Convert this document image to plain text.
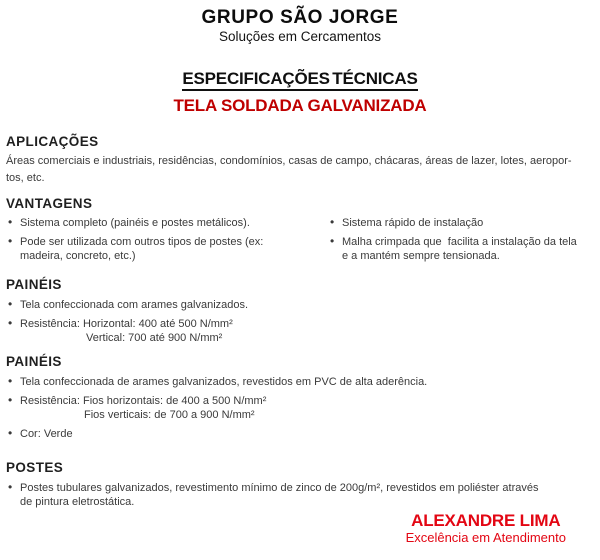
GRUPO SÃO JORGE
Soluções em Cercamentos
ESPECIFICAÇÕES TÉCNICAS
TELA SOLDADA GALVANIZADA
APLICAÇÕES
Áreas comerciais e industriais, residências, condomínios, casas de campo, chácaras, áreas de lazer, lotes, aeropor-
tos, etc.
VANTAGENS
• Sistema completo (painéis e postes metálicos).
• Pode ser utilizada com outros tipos de postes (ex:
madeira, concreto, etc.)
• Sistema rápido de instalação
• Malha crimpada que  facilita a instalação da tela
e a mantém sempre tensionada.
PAINÉIS
• Tela confeccionada com arames galvanizados.
• Resistência: Horizontal: 400 até 500 N/mm²
Vertical: 700 até 900 N/mm²
PAINÉIS
• Tela confeccionada de arames galvanizados, revestidos em PVC de alta aderência.
• Resistência: Fios horizontais: de 400 a 500 N/mm²
Fios verticais: de 700 a 900 N/mm²
• Cor: Verde
POSTES
• Postes tubulares galvanizados, revestimento mínimo de zinco de 200g/m², revestidos em poliéster através
de pintura eletrostática.
ALEXANDRE LIMA
Excelência em Atendimento
